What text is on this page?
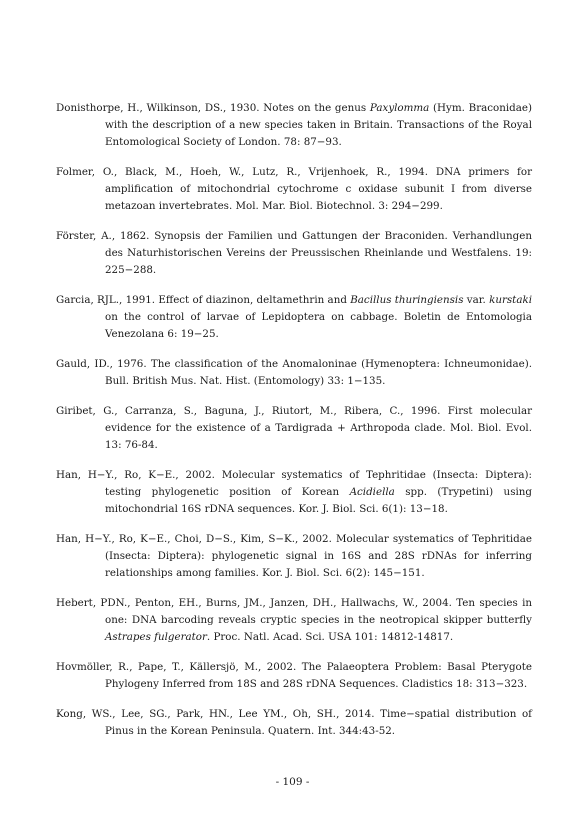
Donisthorpe, H., Wilkinson, DS., 1930. Notes on the genus Paxylomma (Hym. Braconidae) with the description of a new species taken in Britain. Transactions of the Royal Entomological Society of London. 78: 87−93.

Folmer, O., Black, M., Hoeh, W., Lutz, R., Vrijenhoek, R., 1994. DNA primers for amplification of mitochondrial cytochrome c oxidase subunit I from diverse metazoan invertebrates. Mol. Mar. Biol. Biotechnol. 3: 294−299.

Förster, A., 1862. Synopsis der Familien und Gattungen der Braconiden. Verhandlungen des Naturhistorischen Vereins der Preussischen Rheinlande und Westfalens. 19: 225−288.

Garcia, RJL., 1991. Effect of diazinon, deltamethrin and Bacillus thuringiensis var. kurstaki on the control of larvae of Lepidoptera on cabbage. Boletin de Entomologia Venezolana 6: 19−25.

Gauld, ID., 1976. The classification of the Anomaloninae (Hymenoptera: Ichneumonidae). Bull. British Mus. Nat. Hist. (Entomology) 33: 1−135.

Giribet, G., Carranza, S., Baguna, J., Riutort, M., Ribera, C., 1996. First molecular evidence for the existence of a Tardigrada + Arthropoda clade. Mol. Biol. Evol. 13: 76-84.

Han, H−Y., Ro, K−E., 2002. Molecular systematics of Tephritidae (Insecta: Diptera): testing phylogenetic position of Korean Acidiella spp. (Trypetini) using mitochondrial 16S rDNA sequences. Kor. J. Biol. Sci. 6(1): 13−18.

Han, H−Y., Ro, K−E., Choi, D−S., Kim, S−K., 2002. Molecular systematics of Tephritidae (Insecta: Diptera): phylogenetic signal in 16S and 28S rDNAs for inferring relationships among families. Kor. J. Biol. Sci. 6(2): 145−151.

Hebert, PDN., Penton, EH., Burns, JM., Janzen, DH., Hallwachs, W., 2004. Ten species in one: DNA barcoding reveals cryptic species in the neotropical skipper butterfly Astrapes fulgerator. Proc. Natl. Acad. Sci. USA 101: 14812-14817.

Hovmöller, R., Pape, T., Källersjö, M., 2002. The Palaeoptera Problem: Basal Pterygote Phylogeny Inferred from 18S and 28S rDNA Sequences. Cladistics 18: 313−323.

Kong, WS., Lee, SG., Park, HN., Lee YM., Oh, SH., 2014. Time−spatial distribution of Pinus in the Korean Peninsula. Quatern. Int. 344:43-52.

- 109 -
